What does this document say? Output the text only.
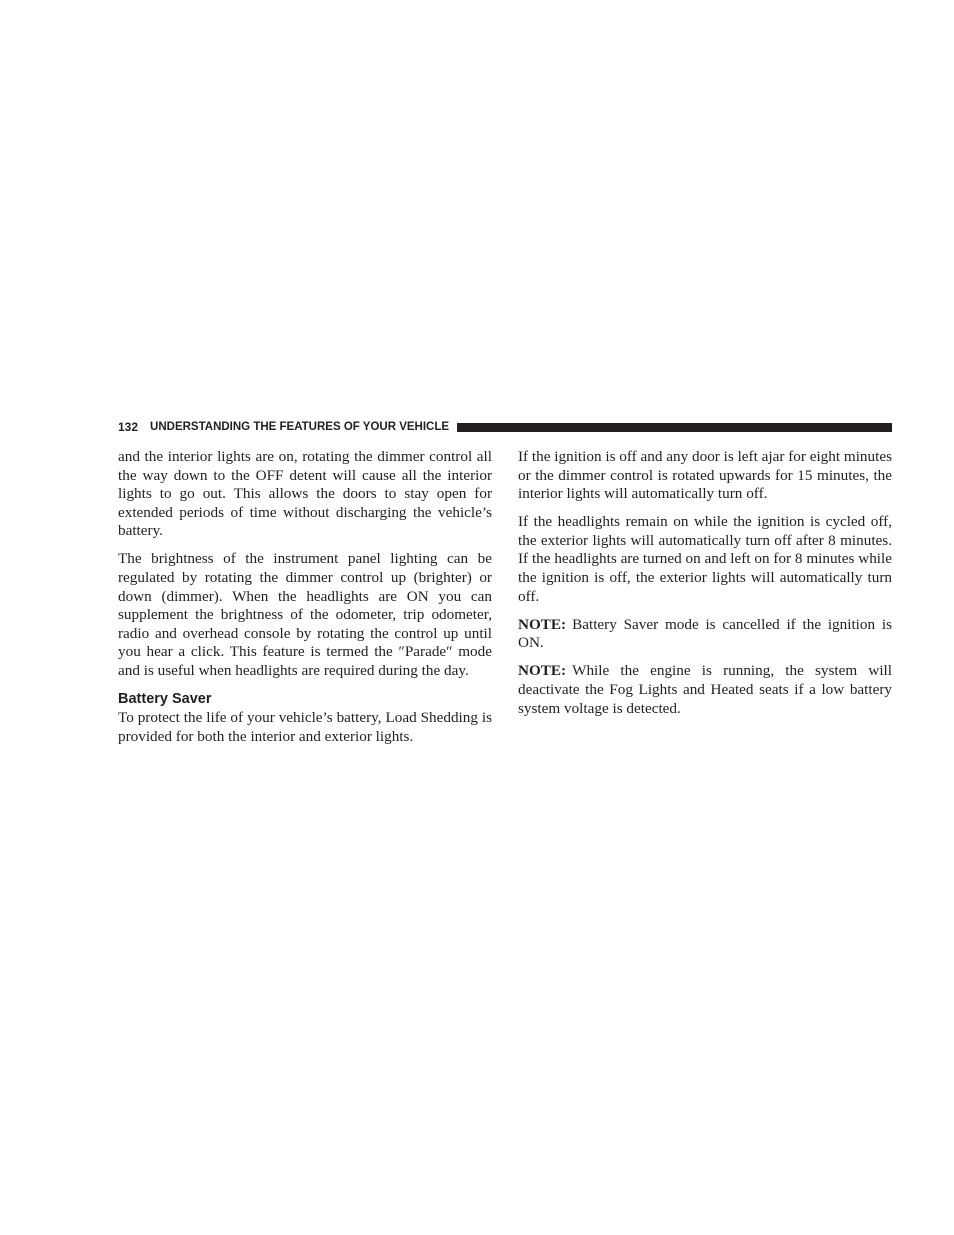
132 UNDERSTANDING THE FEATURES OF YOUR VEHICLE

and the interior lights are on, rotating the dimmer control all the way down to the OFF detent will cause all the interior lights to go out. This allows the doors to stay open for extended periods of time without discharging the vehicle’s battery.

The brightness of the instrument panel lighting can be regulated by rotating the dimmer control up (brighter) or down (dimmer). When the headlights are ON you can supplement the brightness of the odometer, trip odometer, radio and overhead console by rotating the control up until you hear a click. This feature is termed the ″Parade″ mode and is useful when headlights are required during the day.

Battery Saver

To protect the life of your vehicle’s battery, Load Shedding is provided for both the interior and exterior lights.

If the ignition is off and any door is left ajar for eight minutes or the dimmer control is rotated upwards for 15 minutes, the interior lights will automatically turn off.

If the headlights remain on while the ignition is cycled off, the exterior lights will automatically turn off after 8 minutes. If the headlights are turned on and left on for 8 minutes while the ignition is off, the exterior lights will automatically turn off.

NOTE: Battery Saver mode is cancelled if the ignition is ON.

NOTE: While the engine is running, the system will deactivate the Fog Lights and Heated seats if a low battery system voltage is detected.
